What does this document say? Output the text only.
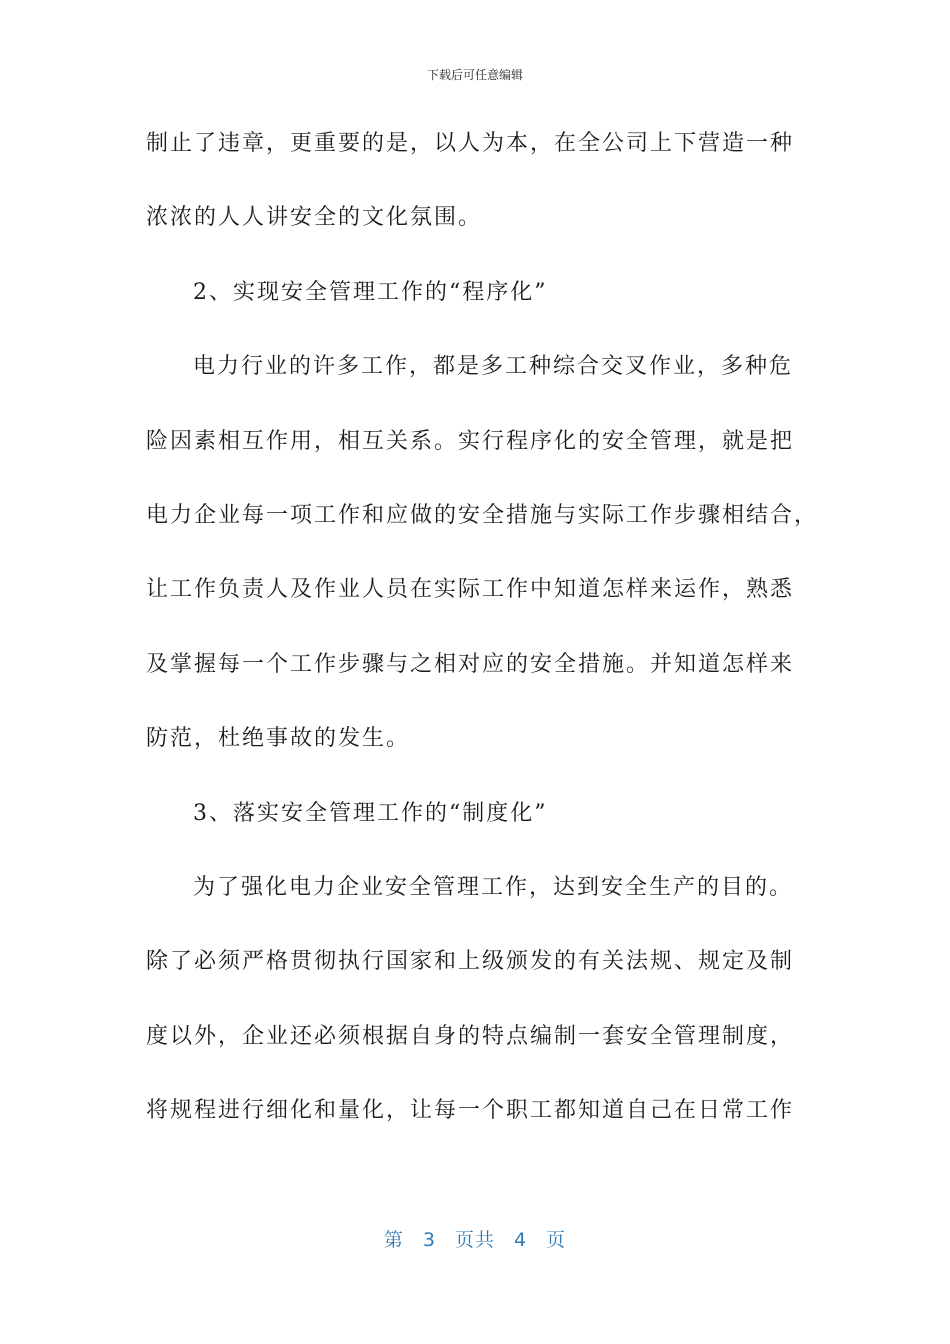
下载后可任意编辑
制止了违章，更重要的是，以人为本，在全公司上下营造一种
浓浓的人人讲安全的文化氛围。
2、实现安全管理工作的“程序化”
电力行业的许多工作，都是多工种综合交叉作业，多种危
险因素相互作用，相互关系。实行程序化的安全管理，就是把
电力企业每一项工作和应做的安全措施与实际工作步骤相结合，
让工作负责人及作业人员在实际工作中知道怎样来运作，熟悉
及掌握每一个工作步骤与之相对应的安全措施。并知道怎样来
防范，杜绝事故的发生。
3、落实安全管理工作的“制度化”
为了强化电力企业安全管理工作，达到安全生产的目的。
除了必须严格贯彻执行国家和上级颁发的有关法规、规定及制
度以外，企业还必须根据自身的特点编制一套安全管理制度，
将规程进行细化和量化，让每一个职工都知道自己在日常工作
第 3 页共 4 页
